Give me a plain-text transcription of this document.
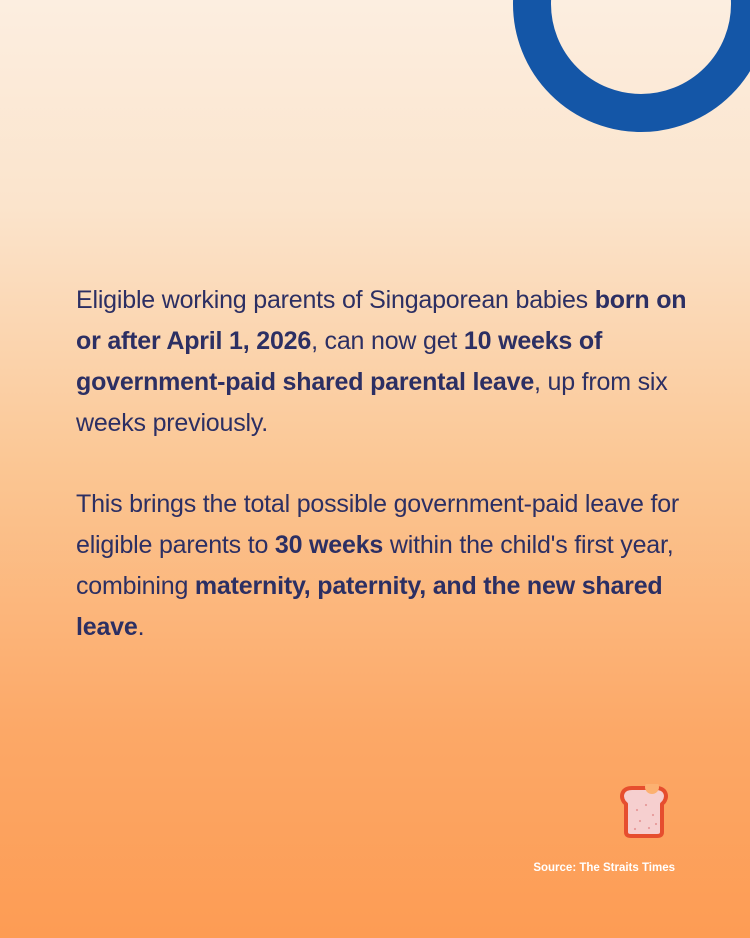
Eligible working parents of Singaporean babies born on or after April 1, 2026, can now get 10 weeks of government-paid shared parental leave, up from six weeks previously.

This brings the total possible government-paid leave for eligible parents to 30 weeks within the child's first year, combining maternity, paternity, and the new shared leave.

Source: The Straits Times
